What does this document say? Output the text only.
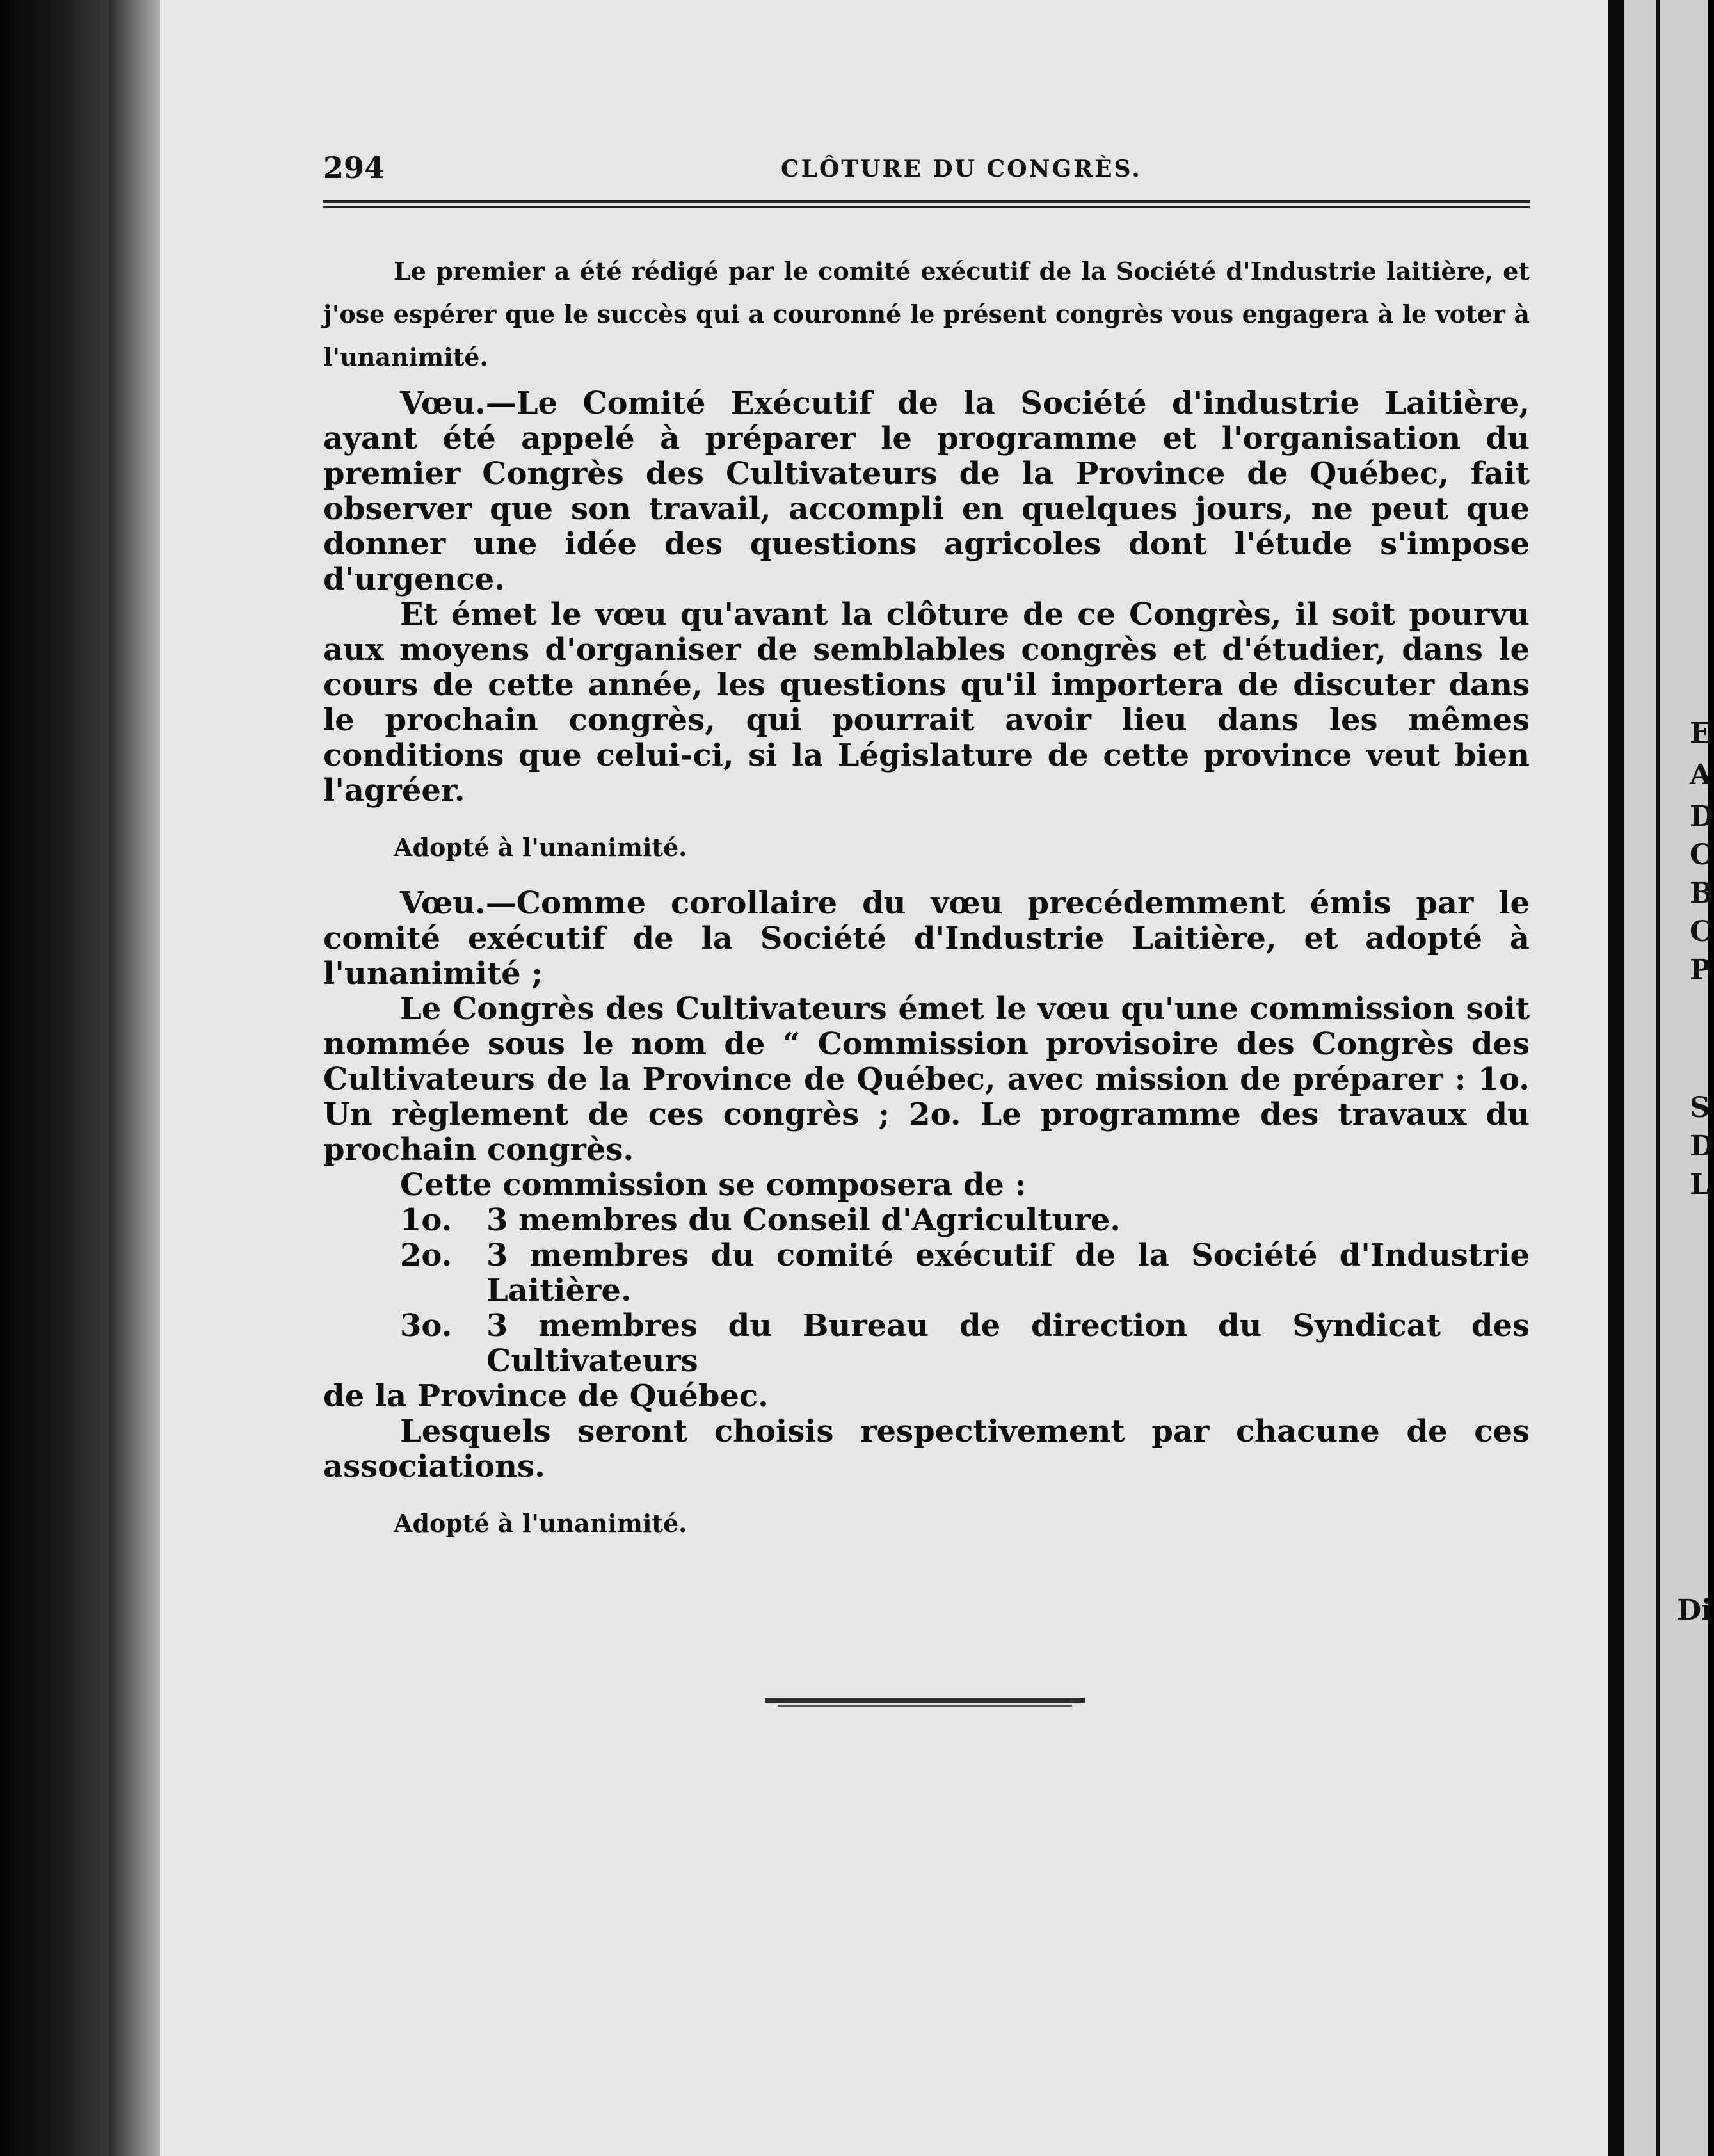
294	CLÔTURE DU CONGRÈS.

Le premier a été rédigé par le comité exécutif de la Société d'Industrie laitière, et j'ose espérer que le succès qui a couronné le présent congrès vous engagera à le voter à l'unanimité.

Vœu.—Le Comité Exécutif de la Société d'industrie Laitière, ayant été appelé à préparer le programme et l'organisation du premier Congrès des Cultivateurs de la Province de Québec, fait observer que son travail, accompli en quelques jours, ne peut que donner une idée des questions agricoles dont l'étude s'impose d'urgence.

Et émet le vœu qu'avant la clôture de ce Congrès, il soit pourvu aux moyens d'organiser de semblables congrès et d'étudier, dans le cours de cette année, les questions qu'il importera de discuter dans le prochain congrès, qui pourrait avoir lieu dans les mêmes conditions que celui-ci, si la Législature de cette province veut bien l'agréer.

Adopté à l'unanimité.

Vœu.—Comme corollaire du vœu precédemment émis par le comité exécutif de la Société d'Industrie Laitière, et adopté à l'unanimité ;

Le Congrès des Cultivateurs émet le vœu qu'une commission soit nommée sous le nom de “ Commission provisoire des Congrès des Cultivateurs de la Province de Québec, avec mission de préparer : 1o. Un règlement de ces congrès ; 2o. Le programme des travaux du prochain congrès.

Cette commission se composera de :

1o.	3 membres du Conseil d'Agriculture.
2o.	3 membres du comité exécutif de la Société d'Industrie Laitière.
3o.	3 membres du Bureau de direction du Syndicat des Cultivateurs

de la Province de Québec.

Lesquels seront choisis respectivement par chacune de ces associations.

Adopté à l'unanimité.
E
A
D
C
B
C
P
S
D
L
Di
